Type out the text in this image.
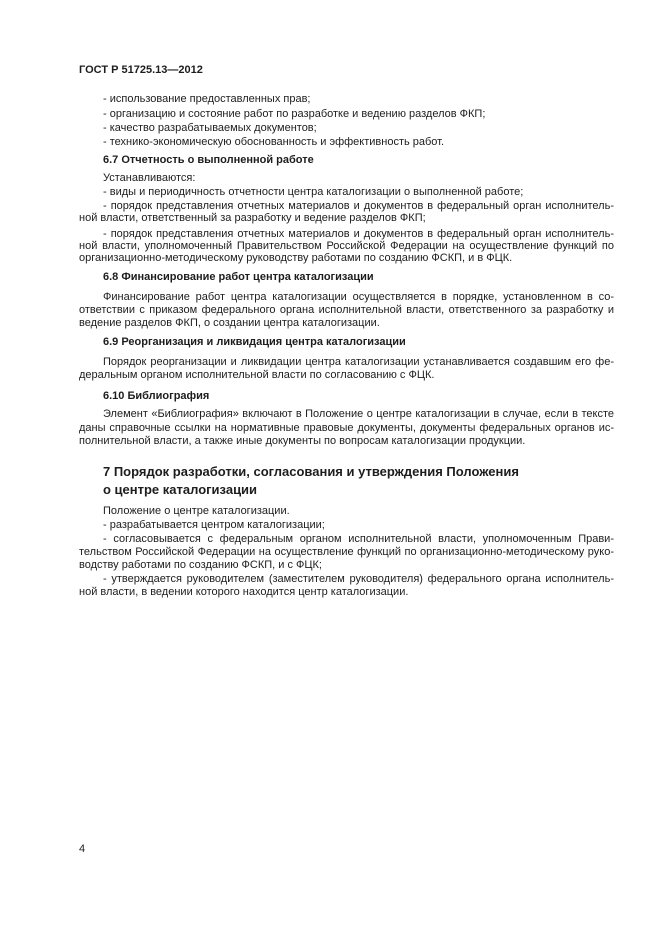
ГОСТ Р 51725.13—2012
- использование предоставленных прав;
- организацию и состояние работ по разработке и ведению разделов ФКП;
- качество разрабатываемых документов;
- технико-экономическую обоснованность и эффективность работ.
6.7 Отчетность о выполненной работе
Устанавливаются:
- виды и периодичность отчетности центра каталогизации о выполненной работе;
- порядок представления отчетных материалов и документов в федеральный орган исполнитель-
ной власти, ответственный за разработку и ведение разделов ФКП;
- порядок представления отчетных материалов и документов в федеральный орган исполнитель-
ной власти, уполномоченный Правительством Российской Федерации на осуществление функций по
организационно-методическому руководству работами по созданию ФСКП, и в ФЦК.
6.8 Финансирование работ центра каталогизации
Финансирование работ центра каталогизации осуществляется в порядке, установленном в со-
ответствии с приказом федерального органа исполнительной власти, ответственного за разработку и
ведение разделов ФКП, о создании центра каталогизации.
6.9 Реорганизация и ликвидация центра каталогизации
Порядок реорганизации и ликвидации центра каталогизации устанавливается создавшим его фе-
деральным органом исполнительной власти по согласованию с ФЦК.
6.10 Библиография
Элемент «Библиография» включают в Положение о центре каталогизации в случае, если в тексте
даны справочные ссылки на нормативные правовые документы, документы федеральных органов ис-
полнительной власти, а также иные документы по вопросам каталогизации продукции.
7 Порядок разработки, согласования и утверждения Положения
о центре каталогизации
Положение о центре каталогизации.
- разрабатывается центром каталогизации;
- согласовывается с федеральным органом исполнительной власти, уполномоченным Прави-
тельством Российской Федерации на осуществление функций по организационно-методическому руко-
водству работами по созданию ФСКП, и с ФЦК;
- утверждается руководителем (заместителем руководителя) федерального органа исполнитель-
ной власти, в ведении которого находится центр каталогизации.
4
